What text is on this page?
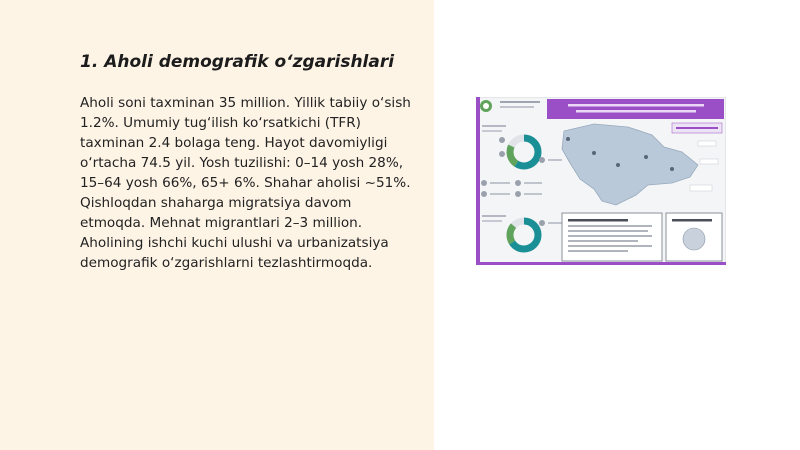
1. Aholi demografik o‘zgarishlari

Aholi soni taxminan 35 million. Yillik tabiiy o‘sish 1.2%. Umumiy tug‘ilish ko‘rsatkichi (TFR) taxminan 2.4 bolaga teng. Hayot davomiyligi o‘rtacha 74.5 yil. Yosh tuzilishi: 0–14 yosh 28%, 15–64 yosh 66%, 65+ 6%. Shahar aholisi ~51%. Qishloqdan shaharga migratsiya davom etmoqda. Mehnat migrantlari 2–3 million. Aholining ishchi kuchi ulushi va urbanizatsiya demografik o‘zgarishlarni tezlashtirmoqda.
